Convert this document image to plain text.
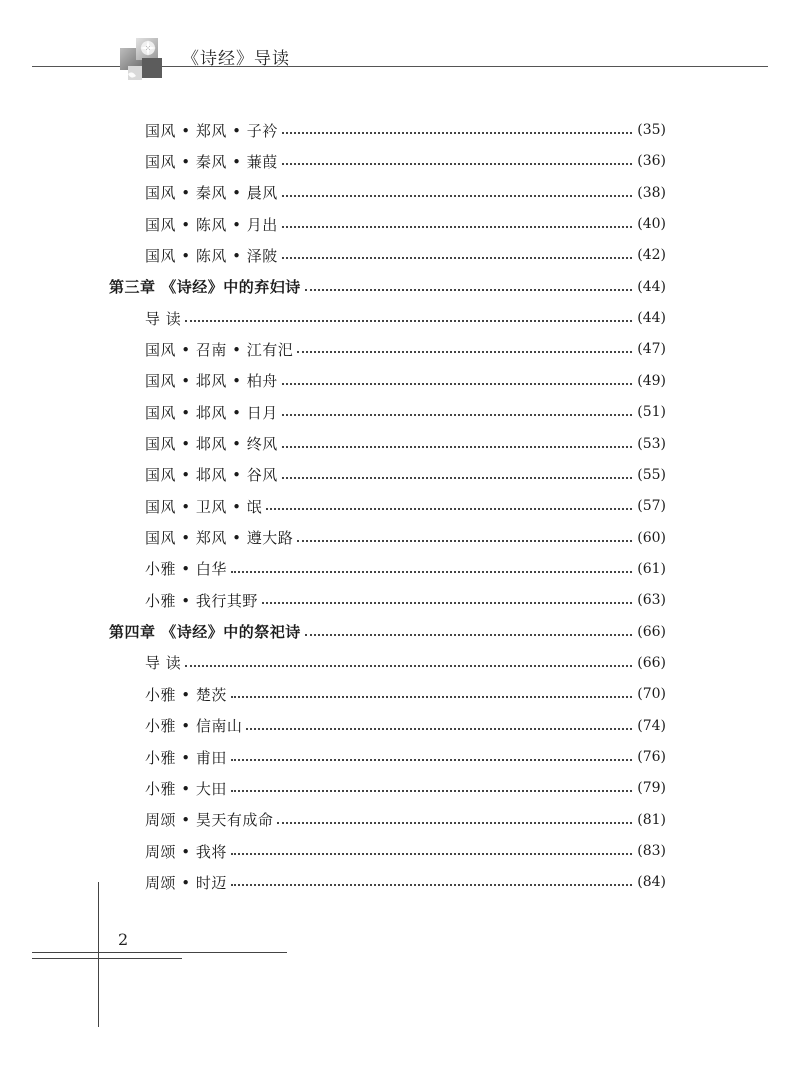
《诗经》导读
国风 • 郑风 • 子衿	(35)
国风 • 秦风 • 蒹葭	(36)
国风 • 秦风 • 晨风	(38)
国风 • 陈风 • 月出	(40)
国风 • 陈风 • 泽陂	(42)
第三章 《诗经》中的弃妇诗	(44)
导 读	(44)
国风 • 召南 • 江有汜	(47)
国风 • 邶风 • 柏舟	(49)
国风 • 邶风 • 日月	(51)
国风 • 邶风 • 终风	(53)
国风 • 邶风 • 谷风	(55)
国风 • 卫风 • 氓	(57)
国风 • 郑风 • 遵大路	(60)
小雅 • 白华	(61)
小雅 • 我行其野	(63)
第四章 《诗经》中的祭祀诗	(66)
导 读	(66)
小雅 • 楚茨	(70)
小雅 • 信南山	(74)
小雅 • 甫田	(76)
小雅 • 大田	(79)
周颂 • 昊天有成命	(81)
周颂 • 我将	(83)
周颂 • 时迈	(84)
2
